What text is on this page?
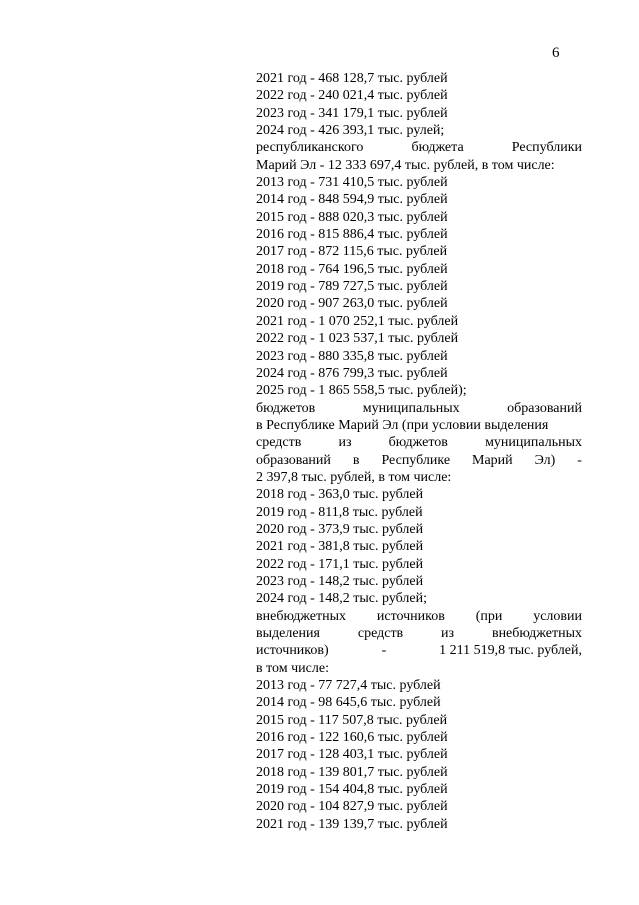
6
2021 год - 468 128,7 тыс. рублей
2022 год - 240 021,4 тыс. рублей
2023 год - 341 179,1 тыс. рублей
2024 год - 426 393,1 тыс. рулей;
республиканского	бюджета	Республики
Марий Эл - 12 333 697,4 тыс. рублей, в том числе:
2013 год - 731 410,5 тыс. рублей
2014 год - 848 594,9 тыс. рублей
2015 год - 888 020,3 тыс. рублей
2016 год - 815 886,4 тыс. рублей
2017 год - 872 115,6 тыс. рублей
2018 год - 764 196,5 тыс. рублей
2019 год - 789 727,5 тыс. рублей
2020 год - 907 263,0 тыс. рублей
2021 год - 1 070 252,1 тыс. рублей
2022 год - 1 023 537,1 тыс. рублей
2023 год - 880 335,8 тыс. рублей
2024 год - 876 799,3 тыс. рублей
2025 год - 1 865 558,5 тыс. рублей);
бюджетов	муниципальных	образований
в Республике Марий Эл (при условии выделения
средств	из	бюджетов	муниципальных
образований в Республике Марий Эл) -
2 397,8 тыс. рублей, в том числе:
2018 год - 363,0 тыс. рублей
2019 год - 811,8 тыс. рублей
2020 год - 373,9 тыс. рублей
2021 год - 381,8 тыс. рублей
2022 год - 171,1 тыс. рублей
2023 год - 148,2 тыс. рублей
2024 год - 148,2 тыс. рублей;
внебюджетных источников (при условии
выделения	средств	из	внебюджетных
источников)	-	1 211 519,8 тыс. рублей,
в том числе:
2013 год - 77 727,4 тыс. рублей
2014 год - 98 645,6 тыс. рублей
2015 год - 117 507,8 тыс. рублей
2016 год - 122 160,6 тыс. рублей
2017 год - 128 403,1 тыс. рублей
2018 год - 139 801,7 тыс. рублей
2019 год - 154 404,8 тыс. рублей
2020 год - 104 827,9 тыс. рублей
2021 год - 139 139,7 тыс. рублей
